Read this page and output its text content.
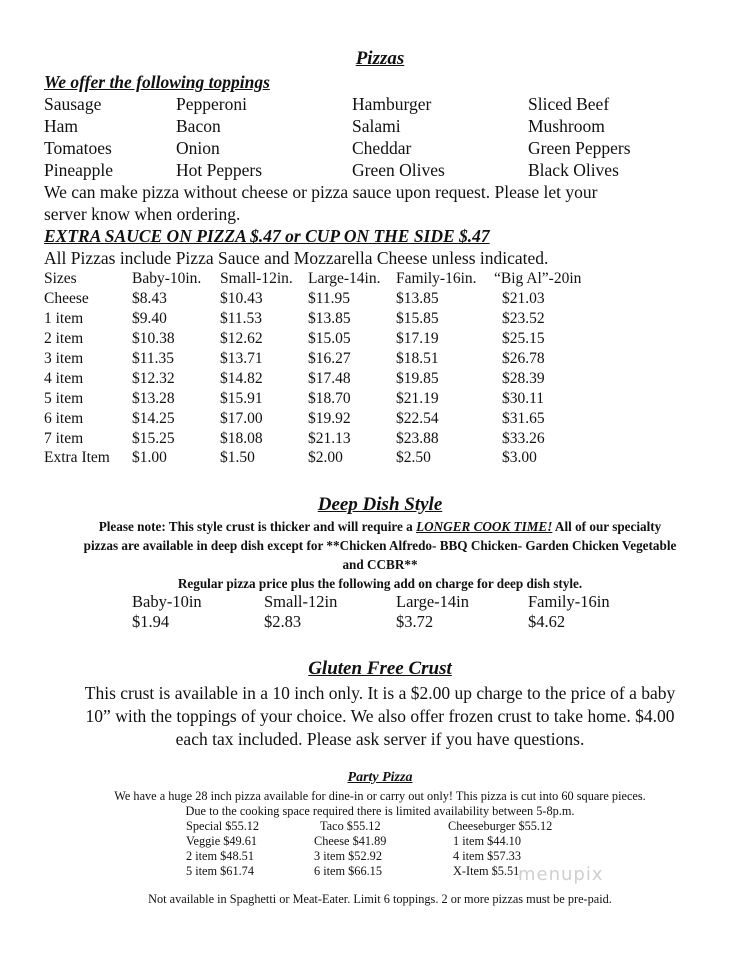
Pizzas
We offer the following toppings
Sausage	Pepperoni	Hamburger	Sliced Beef
Ham	Bacon	Salami	Mushroom
Tomatoes	Onion	Cheddar	Green Peppers
Pineapple	Hot Peppers	Green Olives	Black Olives
We can make pizza without cheese or pizza sauce upon request. Please let your
server know when ordering.
EXTRA SAUCE ON PIZZA $.47 or CUP ON THE SIDE $.47
All Pizzas include Pizza Sauce and Mozzarella Cheese unless indicated.
Sizes	Baby-10in. Small-12in. Large-14in. Family-16in. “Big Al”-20in
Cheese	$8.43	$10.43	$11.95	$13.85	$21.03
1 item	$9.40	$11.53	$13.85	$15.85	$23.52
2 item	$10.38	$12.62	$15.05	$17.19	$25.15
3 item	$11.35	$13.71	$16.27	$18.51	$26.78
4 item	$12.32	$14.82	$17.48	$19.85	$28.39
5 item	$13.28	$15.91	$18.70	$21.19	$30.11
6 item	$14.25	$17.00	$19.92	$22.54	$31.65
7 item	$15.25	$18.08	$21.13	$23.88	$33.26
Extra Item $1.00	$1.50	$2.00	$2.50	$3.00
Deep Dish Style
Please note: This style crust is thicker and will require a LONGER COOK TIME! All of our specialty
pizzas are available in deep dish except for **Chicken Alfredo- BBQ Chicken- Garden Chicken Vegetable
and CCBR**
Regular pizza price plus the following add on charge for deep dish style.
Baby-10in	Small-12in	Large-14in	Family-16in
$1.94	$2.83	$3.72	$4.62
Gluten Free Crust
This crust is available in a 10 inch only. It is a $2.00 up charge to the price of a baby
10” with the toppings of your choice. We also offer frozen crust to take home. $4.00
each tax included. Please ask server if you have questions.
Party Pizza
We have a huge 28 inch pizza available for dine-in or carry out only! This pizza is cut into 60 square pieces.
Due to the cooking space required there is limited availability between 5-8p.m.
Special $55.12	Taco $55.12	Cheeseburger $55.12
Veggie $49.61	Cheese $41.89	1 item $44.10
2 item $48.51	3 item $52.92	4 item $57.33
5 item $61.74	6 item $66.15	X-Item $5.51
menupix
Not available in Spaghetti or Meat-Eater. Limit 6 toppings. 2 or more pizzas must be pre-paid.
